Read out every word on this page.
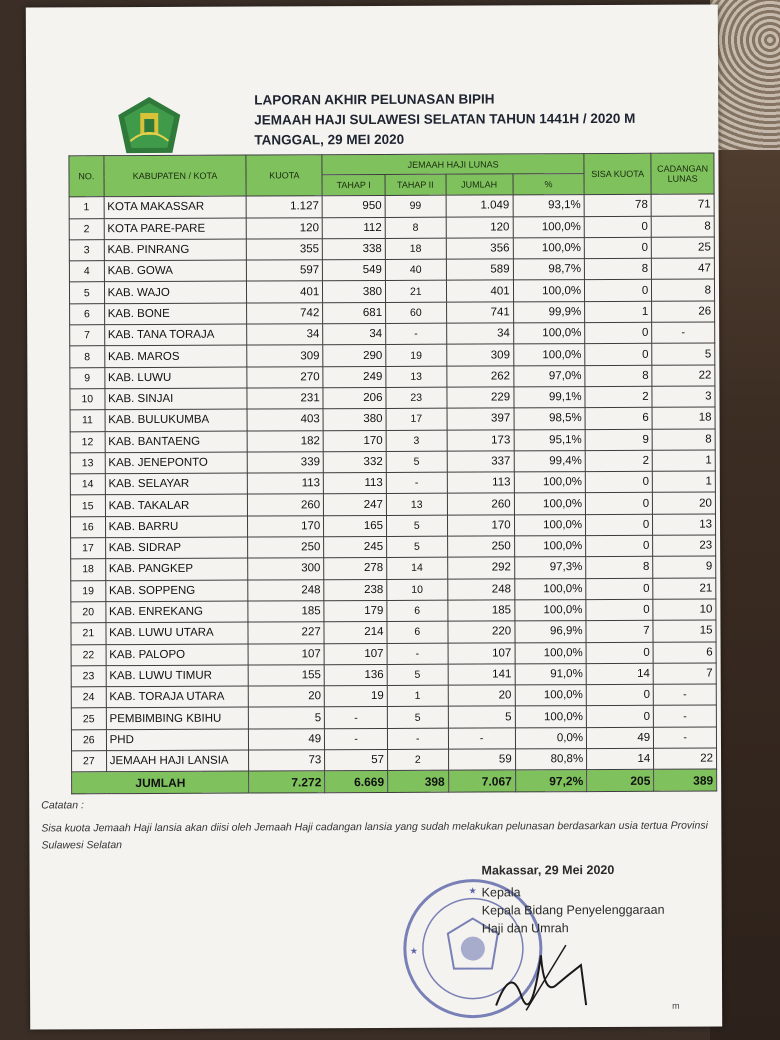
LAPORAN AKHIR PELUNASAN BIPIH
JEMAAH HAJI SULAWESI SELATAN TAHUN 1441H / 2020 M
TANGGAL, 29 MEI 2020
NO.	KABUPATEN / KOTA	KUOTA	JEMAAH HAJI LUNAS				SISA KUOTA	CADANGAN
LUNAS

			TAHAP I	TAHAP II	JUMLAH	%		
1	KOTA MAKASSAR	1.127	950	99	1.049	93,1%	78	71
2	KOTA PARE-PARE	120	112	8	120	100,0%	0	8
3	KAB. PINRANG	355	338	18	356	100,0%	0	25
4	KAB. GOWA	597	549	40	589	98,7%	8	47
5	KAB. WAJO	401	380	21	401	100,0%	0	8
6	KAB. BONE	742	681	60	741	99,9%	1	26
7	KAB. TANA TORAJA	34	34	-	34	100,0%	0	-
8	KAB. MAROS	309	290	19	309	100,0%	0	5
9	KAB. LUWU	270	249	13	262	97,0%	8	22
10	KAB. SINJAI	231	206	23	229	99,1%	2	3
11	KAB. BULUKUMBA	403	380	17	397	98,5%	6	18
12	KAB. BANTAENG	182	170	3	173	95,1%	9	8
13	KAB. JENEPONTO	339	332	5	337	99,4%	2	1
14	KAB. SELAYAR	113	113	-	113	100,0%	0	1
15	KAB. TAKALAR	260	247	13	260	100,0%	0	20
16	KAB. BARRU	170	165	5	170	100,0%	0	13
17	KAB. SIDRAP	250	245	5	250	100,0%	0	23
18	KAB. PANGKEP	300	278	14	292	97,3%	8	9
19	KAB. SOPPENG	248	238	10	248	100,0%	0	21
20	KAB. ENREKANG	185	179	6	185	100,0%	0	10
21	KAB. LUWU UTARA	227	214	6	220	96,9%	7	15
22	KAB. PALOPO	107	107	-	107	100,0%	0	6
23	KAB. LUWU TIMUR	155	136	5	141	91,0%	14	7
24	KAB. TORAJA UTARA	20	19	1	20	100,0%	0	-
25	PEMBIMBING KBIHU	5	-	5	5	100,0%	0	-
26	PHD	49	-	-	-	0,0%	49	-
27	JEMAAH HAJI LANSIA	73	57	2	59	80,8%	14	22
JUMLAH		7.272	6.669	398	7.067	97,2%	205	389
Catatan :
Sisa kuota Jemaah Haji lansia akan diisi oleh Jemaah Haji cadangan lansia yang sudah melakukan pelunasan berdasarkan usia tertua Provinsi Sulawesi Selatan
★
★
Makassar, 29 Mei 2020
Kepala
Kepala Bidang Penyelenggaraan
Haji dan Umrah
m
